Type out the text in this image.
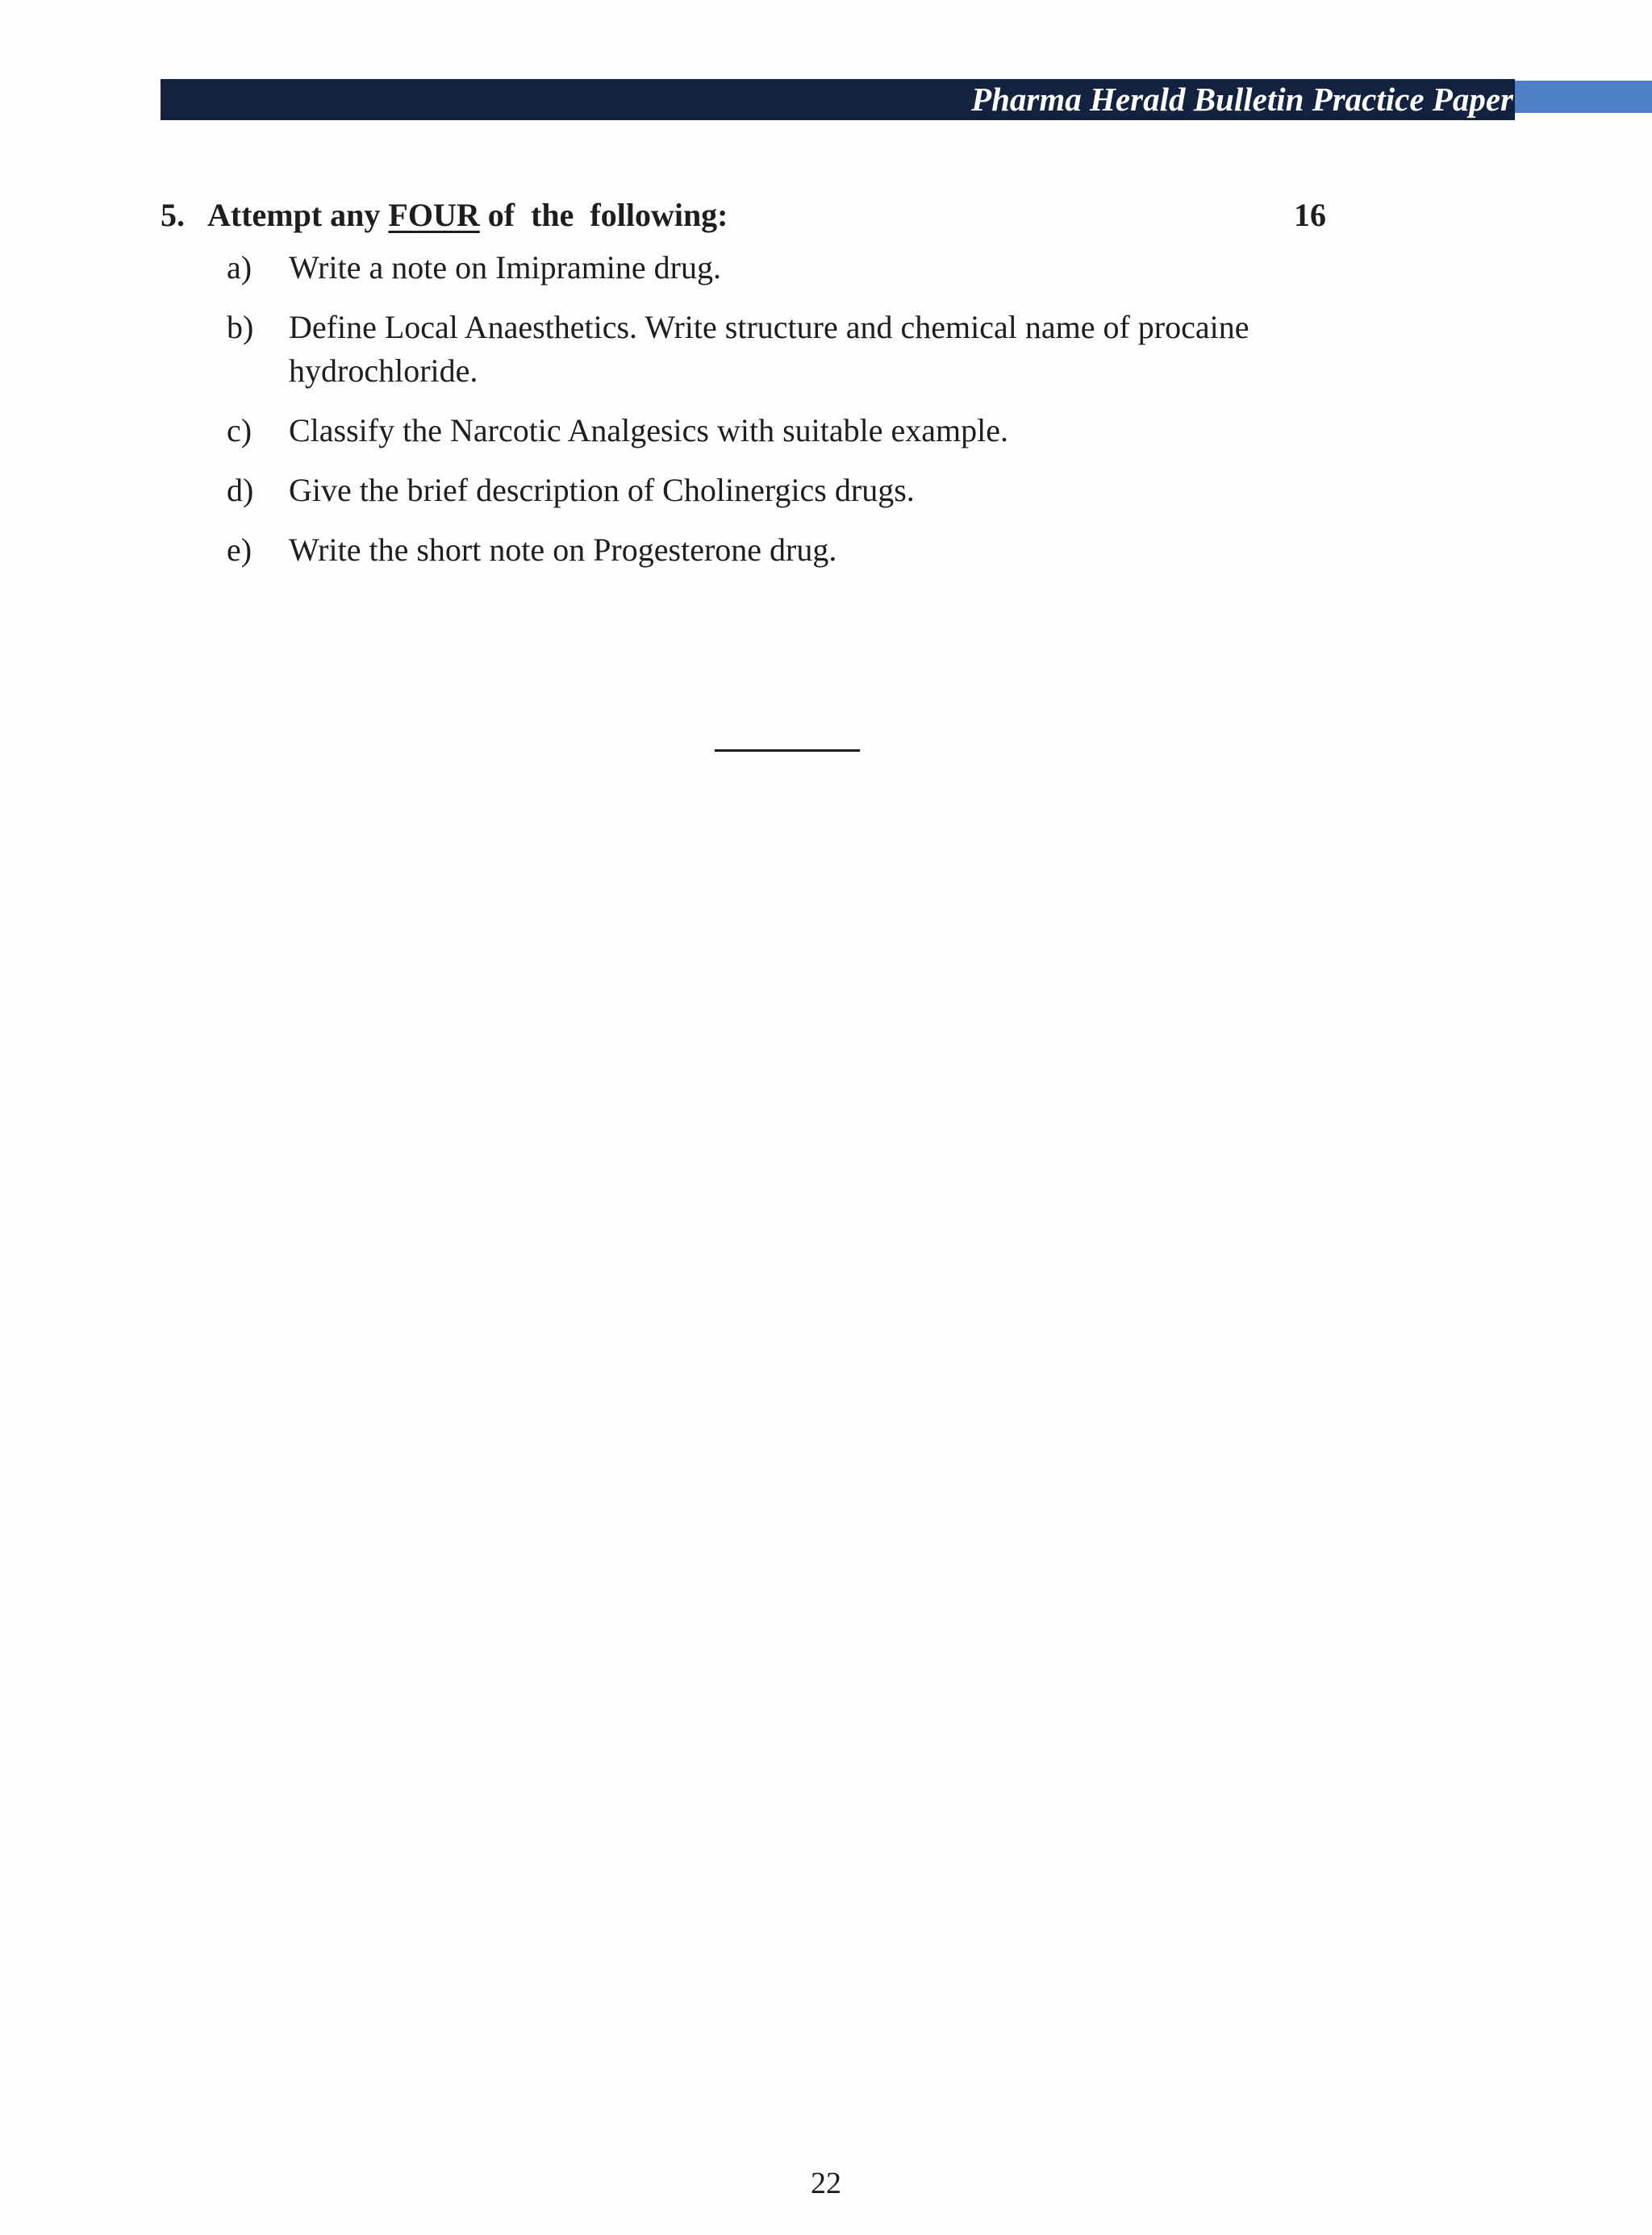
Pharma Herald Bulletin Practice Paper
5. Attempt any FOUR of  the  following:	16
a)	Write a note on Imipramine drug.
b)	Define Local Anaesthetics. Write structure and chemical name of procaine hydrochloride.
c)	Classify the Narcotic Analgesics with suitable example.
d)	Give the brief description of Cholinergics drugs.
e)	Write the short note on Progesterone drug.
22
